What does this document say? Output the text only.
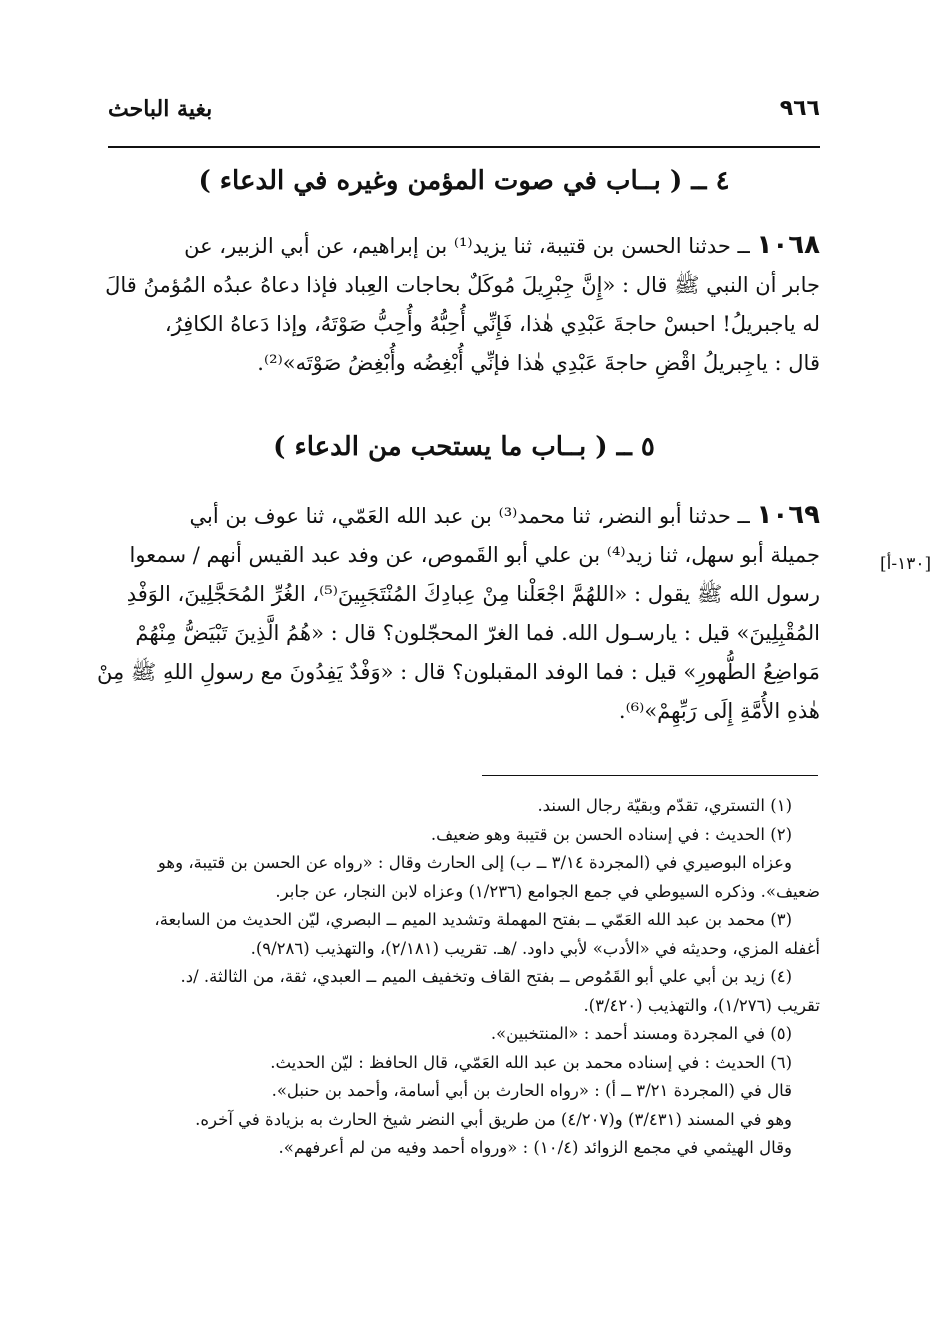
٩٦٦
بغية الباحث
٤ ــ ( بــاب في صوت المؤمن وغيره في الدعاء )
١٠٦٨ ــ حدثنا الحسن بن قتيبة، ثنا يزيد⁽¹⁾ بن إبراهيم، عن أبي الزبير، عن
جابر أن النبي ﷺ قال : «إِنَّ جِبْرِيلَ مُوكَلٌ بحاجات العِباد فإذا دعاهُ عبدُه المُؤمنُ قالَ
له ياجبريلُ! احبسْ حاجةَ عَبْدِي هٰذا، فَإِنِّي أُحِبُّهُ وأُحِبُّ صَوْتَهُ، وإذا دَعاهُ الكافِرُ،
قال : ياجِبريلُ اقْضِ حاجةَ عَبْدِي هٰذا فإنِّي أُبْغِضُه وأُبْغِضُ صَوْتَه»⁽²⁾.
٥ ــ ( بــاب ما يستحب من الدعاء )
١٠٦٩ ــ حدثنا أبو النضر، ثنا محمد⁽³⁾ بن عبد الله العَمّي، ثنا عوف بن أبي
جميلة أبو سهل، ثنا زيد⁽⁴⁾ بن علي أبو القَموص، عن وفد عبد القيس أنهم / سمعوا
رسول الله ﷺ يقول : «اللهُمَّ اجْعَلْنا مِنْ عِبادِكَ المُنْتَجَبِينَ⁽⁵⁾، الغُرِّ المُحَجَّلِينَ، الوَفْدِ
المُقْبِلِينَ» قيل : يارسـول الله. فما الغرّ المحجّلون؟ قال : «هُمُ الَّذِينَ تَبْيَضُّ مِنْهُمْ
مَواضِعُ الطُّهورِ» قيل : فما الوفد المقبلون؟ قال : «وَفْدٌ يَفِدُونَ مع رسولِ اللهِ ﷺ مِنْ
هٰذهِ الأُمَّةِ إِلَى رَبِّهِمْ»⁽⁶⁾.
[١٣٠-أ]
(١) التستري، تقدّم وبقيّة رجال السند.
(٢) الحديث : في إسناده الحسن بن قتيبة وهو ضعيف.
وعزاه البوصيري في (المجردة ٣/١٤ ــ ب) إلى الحارث وقال : «رواه عن الحسن بن قتيبة، وهو
ضعيف». وذكره السيوطي في جمع الجوامع (١/٢٣٦) وعزاه لابن النجار، عن جابر.
(٣) محمد بن عبد الله العَمّي ــ بفتح المهملة وتشديد الميم ــ البصري، ليّن الحديث من السابعة،
أغفله المزي، وحديثه في «الأدب» لأبي داود. /هـ. تقريب (٢/١٨١)، والتهذيب (٩/٢٨٦).
(٤) زيد بن أبي علي أبو القَمُوص ــ بفتح القاف وتخفيف الميم ــ العبدي، ثقة، من الثالثة. /د.
تقريب (١/٢٧٦)، والتهذيب (٣/٤٢٠).
(٥) في المجردة ومسند أحمد : «المنتخبين».
(٦) الحديث : في إسناده محمد بن عبد الله العَمّي، قال الحافظ : ليّن الحديث.
قال في (المجردة ٣/٢١ ــ أ) : «رواه الحارث بن أبي أسامة، وأحمد بن حنبل».
وهو في المسند (٣/٤٣١) و(٤/٢٠٧) من طريق أبي النضر شيخ الحارث به بزيادة في آخره.
وقال الهيثمي في مجمع الزوائد (١٠/٤) : «ورواه أحمد وفيه من لم أعرفهم».
